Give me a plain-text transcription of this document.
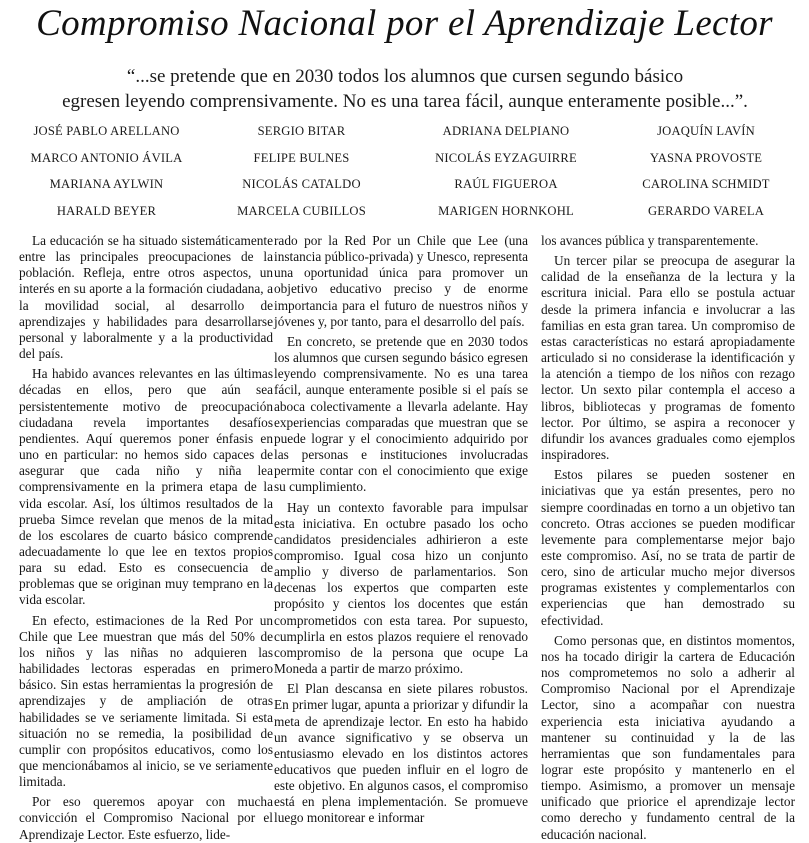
Compromiso Nacional por el Aprendizaje Lector
“...se pretende que en 2030 todos los alumnos que cursen segundo básico
egresen leyendo comprensivamente. No es una tarea fácil, aunque enteramente posible...”.
JOSÉ PABLO ARELLANO	SERGIO BITAR	ADRIANA DELPIANO	JOAQUÍN LAVÍN
MARCO ANTONIO ÁVILA	FELIPE BULNES	NICOLÁS EYZAGUIRRE	YASNA PROVOSTE
MARIANA AYLWIN	NICOLÁS CATALDO	RAÚL FIGUEROA	CAROLINA SCHMIDT
HARALD BEYER	MARCELA CUBILLOS	MARIGEN HORNKOHL	GERARDO VARELA

La educación se ha situado sistemáticamente entre las principales preocupaciones de la población. Refleja, entre otros aspectos, un interés en su aporte a la formación ciudadana, a la movilidad social, al desarrollo de aprendizajes y habilidades para desarrollarse personal y laboralmente y a la productividad del país.

Ha habido avances relevantes en las últimas décadas en ellos, pero que aún sea persistentemente motivo de preocupación ciudadana revela importantes desafíos pendientes. Aquí queremos poner énfasis en uno en particular: no hemos sido capaces de asegurar que cada niño y niña lea comprensivamente en la primera etapa de la vida escolar. Así, los últimos resultados de la prueba Simce revelan que menos de la mitad de los escolares de cuarto básico comprende adecuadamente lo que lee en textos propios para su edad. Esto es consecuencia de problemas que se originan muy temprano en la vida escolar.

En efecto, estimaciones de la Red Por un Chile que Lee muestran que más del 50% de los niños y las niñas no adquieren las habilidades lectoras esperadas en primero básico. Sin estas herramientas la progresión de aprendizajes y de ampliación de otras habilidades se ve seriamente limitada. Si esta situación no se remedia, la posibilidad de cumplir con propósitos educativos, como los que mencionábamos al inicio, se ve seriamente limitada.

Por eso queremos apoyar con mucha convicción el Compromiso Nacional por el Aprendizaje Lector. Este esfuerzo, lide-

rado por la Red Por un Chile que Lee (una instancia público-privada) y Unesco, representa una oportunidad única para promover un objetivo educativo preciso y de enorme importancia para el futuro de nuestros niños y jóvenes y, por tanto, para el desarrollo del país.

En concreto, se pretende que en 2030 todos los alumnos que cursen segundo básico egresen leyendo comprensivamente. No es una tarea fácil, aunque enteramente posible si el país se aboca colectivamente a llevarla adelante. Hay experiencias comparadas que muestran que se puede lograr y el conocimiento adquirido por las personas e instituciones involucradas permite contar con el conocimiento que exige su cumplimiento.

Hay un contexto favorable para impulsar esta iniciativa. En octubre pasado los ocho candidatos presidenciales adhirieron a este compromiso. Igual cosa hizo un conjunto amplio y diverso de parlamentarios. Son decenas los expertos que comparten este propósito y cientos los docentes que están comprometidos con esta tarea. Por supuesto, cumplirla en estos plazos requiere el renovado compromiso de la persona que ocupe La Moneda a partir de marzo próximo.

El Plan descansa en siete pilares robustos. En primer lugar, apunta a priorizar y difundir la meta de aprendizaje lector. En esto ha habido un avance significativo y se observa un entusiasmo elevado en los distintos actores educativos que pueden influir en el logro de este objetivo. En algunos casos, el compromiso está en plena implementación. Se promueve luego monitorear e informar

los avances pública y transparentemente.

Un tercer pilar se preocupa de asegurar la calidad de la enseñanza de la lectura y la escritura inicial. Para ello se postula actuar desde la primera infancia e involucrar a las familias en esta gran tarea. Un compromiso de estas características no estará apropiadamente articulado si no considerase la identificación y la atención a tiempo de los niños con rezago lector. Un sexto pilar contempla el acceso a libros, bibliotecas y programas de fomento lector. Por último, se aspira a reconocer y difundir los avances graduales como ejemplos inspiradores.

Estos pilares se pueden sostener en iniciativas que ya están presentes, pero no siempre coordinadas en torno a un objetivo tan concreto. Otras acciones se pueden modificar levemente para complementarse mejor bajo este compromiso. Así, no se trata de partir de cero, sino de articular mucho mejor diversos programas existentes y complementarlos con experiencias que han demostrado su efectividad.

Como personas que, en distintos momentos, nos ha tocado dirigir la cartera de Educación nos comprometemos no solo a adherir al Compromiso Nacional por el Aprendizaje Lector, sino a acompañar con nuestra experiencia esta iniciativa ayudando a mantener su continuidad y la de las herramientas que son fundamentales para lograr este propósito y mantenerlo en el tiempo. Asimismo, a promover un mensaje unificado que priorice el aprendizaje lector como derecho y fundamento central de la educación nacional.
